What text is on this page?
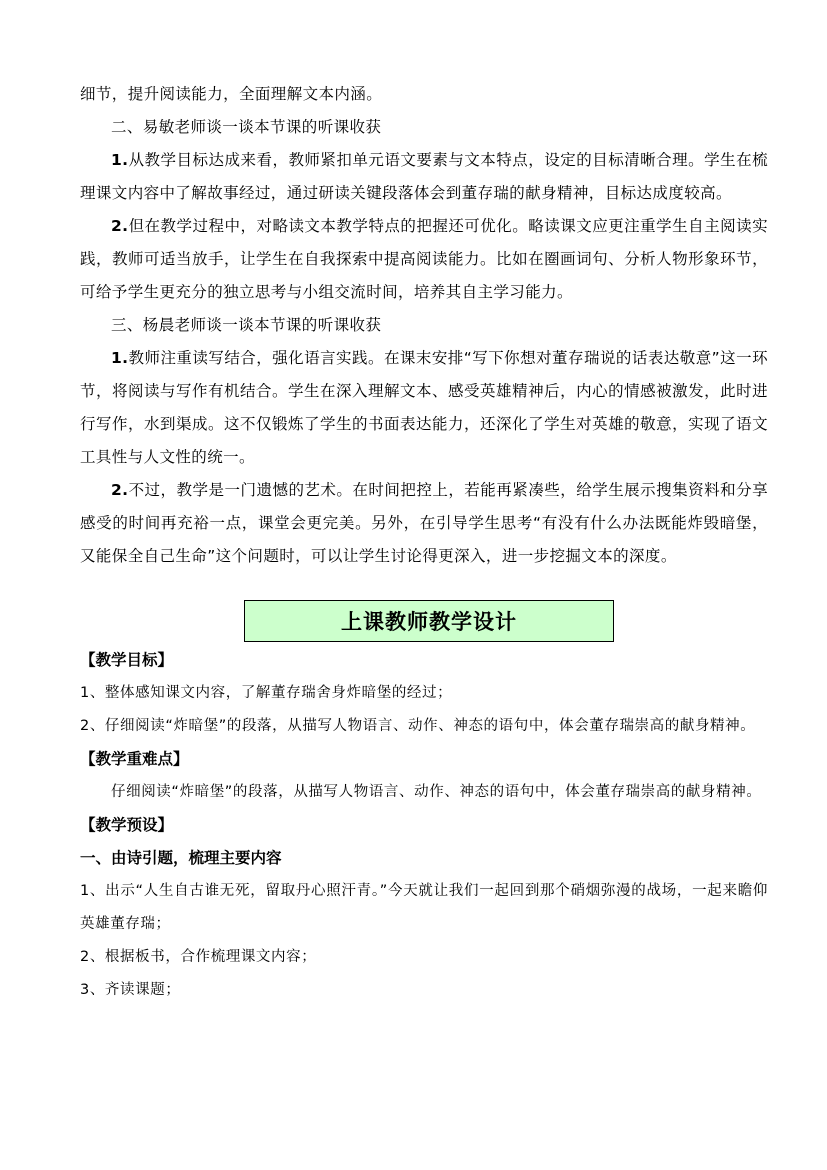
细节，提升阅读能力，全面理解文本内涵。

二、易敏老师谈一谈本节课的听课收获

1.从教学目标达成来看，教师紧扣单元语文要素与文本特点，设定的目标清晰合理。学生在梳理课文内容中了解故事经过，通过研读关键段落体会到董存瑞的献身精神，目标达成度较高。

2.但在教学过程中，对略读文本教学特点的把握还可优化。略读课文应更注重学生自主阅读实践，教师可适当放手，让学生在自我探索中提高阅读能力。比如在圈画词句、分析人物形象环节，可给予学生更充分的独立思考与小组交流时间，培养其自主学习能力。

三、杨晨老师谈一谈本节课的听课收获

1.教师注重读写结合，强化语言实践。在课末安排“写下你想对董存瑞说的话表达敬意”这一环节，将阅读与写作有机结合。学生在深入理解文本、感受英雄精神后，内心的情感被激发，此时进行写作，水到渠成。这不仅锻炼了学生的书面表达能力，还深化了学生对英雄的敬意，实现了语文工具性与人文性的统一。

2.不过，教学是一门遗憾的艺术。在时间把控上，若能再紧凑些，给学生展示搜集资料和分享感受的时间再充裕一点，课堂会更完美。另外，在引导学生思考“有没有什么办法既能炸毁暗堡，又能保全自己生命”这个问题时，可以让学生讨论得更深入，进一步挖掘文本的深度。

上课教师教学设计

【教学目标】

1、整体感知课文内容，了解董存瑞舍身炸暗堡的经过；

2、仔细阅读“炸暗堡”的段落，从描写人物语言、动作、神态的语句中，体会董存瑞崇高的献身精神。

【教学重难点】

仔细阅读“炸暗堡”的段落，从描写人物语言、动作、神态的语句中，体会董存瑞崇高的献身精神。

【教学预设】

一、由诗引题，梳理主要内容

1、出示“人生自古谁无死，留取丹心照汗青。”今天就让我们一起回到那个硝烟弥漫的战场，一起来瞻仰英雄董存瑞；

2、根据板书，合作梳理课文内容；

3、齐读课题；
